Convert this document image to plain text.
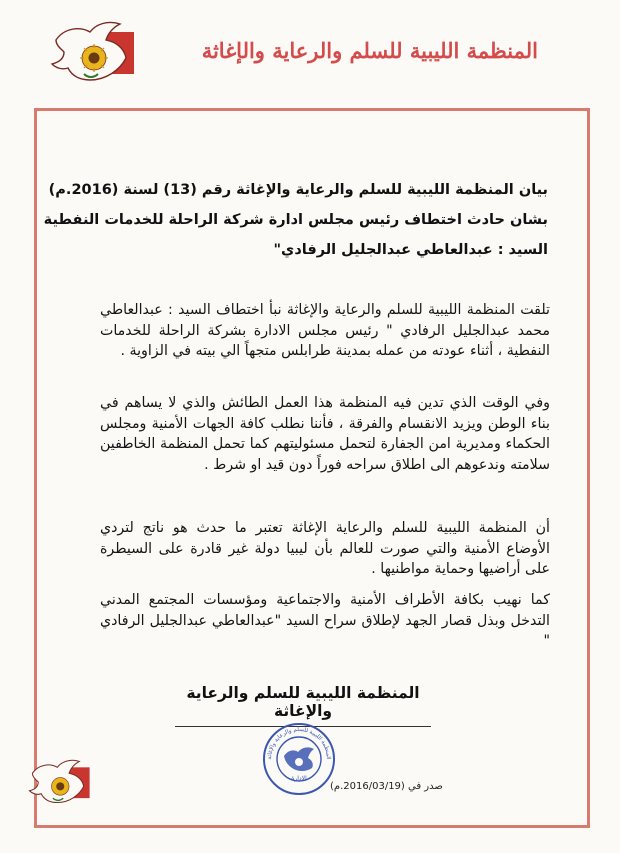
المنظمة الليبية للسلم والرعاية والإغاثة
بيان المنظمة الليبية للسلم والرعاية والإغاثة رقم (13) لسنة (2016.م)
بشان حادث اختطاف رئيس مجلس ادارة شركة الراحلة للخدمات النفطية
السيد : عبدالعاطي عبدالجليل الرفادي"
تلقت المنظمة الليبية للسلم والرعاية والإغاثة نبأ اختطاف السيد : عبدالعاطي محمد عبدالجليل الرفادي " رئيس مجلس الادارة بشركة الراحلة للخدمات النفطية ، أثناء عودته من عمله بمدينة طرابلس متجهاً الي بيته في الزاوية .
وفي الوقت الذي تدين فيه المنظمة هذا العمل الطائش والذي لا يساهم في بناء الوطن ويزيد الانقسام والفرقة ، فأننا نطلب كافة الجهات الأمنية ومجلس الحكماء ومديرية امن الجفارة لتحمل مسئوليتهم كما تحمل المنظمة الخاطفين سلامته وندعوهم الى اطلاق سراحه فوراً دون قيد او شرط .
أن المنظمة الليبية للسلم والرعاية الإغاثة تعتبر ما حدث هو ناتج لتردي الأوضاع الأمنية والتي صورت للعالم بأن ليبيا دولة غير قادرة على السيطرة على أراضيها وحماية مواطنيها .
كما نهيب بكافة الأطراف الأمنية والاجتماعية ومؤسسات المجتمع المدني التدخل وبذل قصار الجهد لإطلاق سراح السيد "عبدالعاطي عبدالجليل الرفادي "
المنظمة الليبية للسلم والرعاية والإغاثة
الإدارة
المنظمة الليبية للسلم والرعاية والإغاثة
صدر في (2016/03/19.م)
